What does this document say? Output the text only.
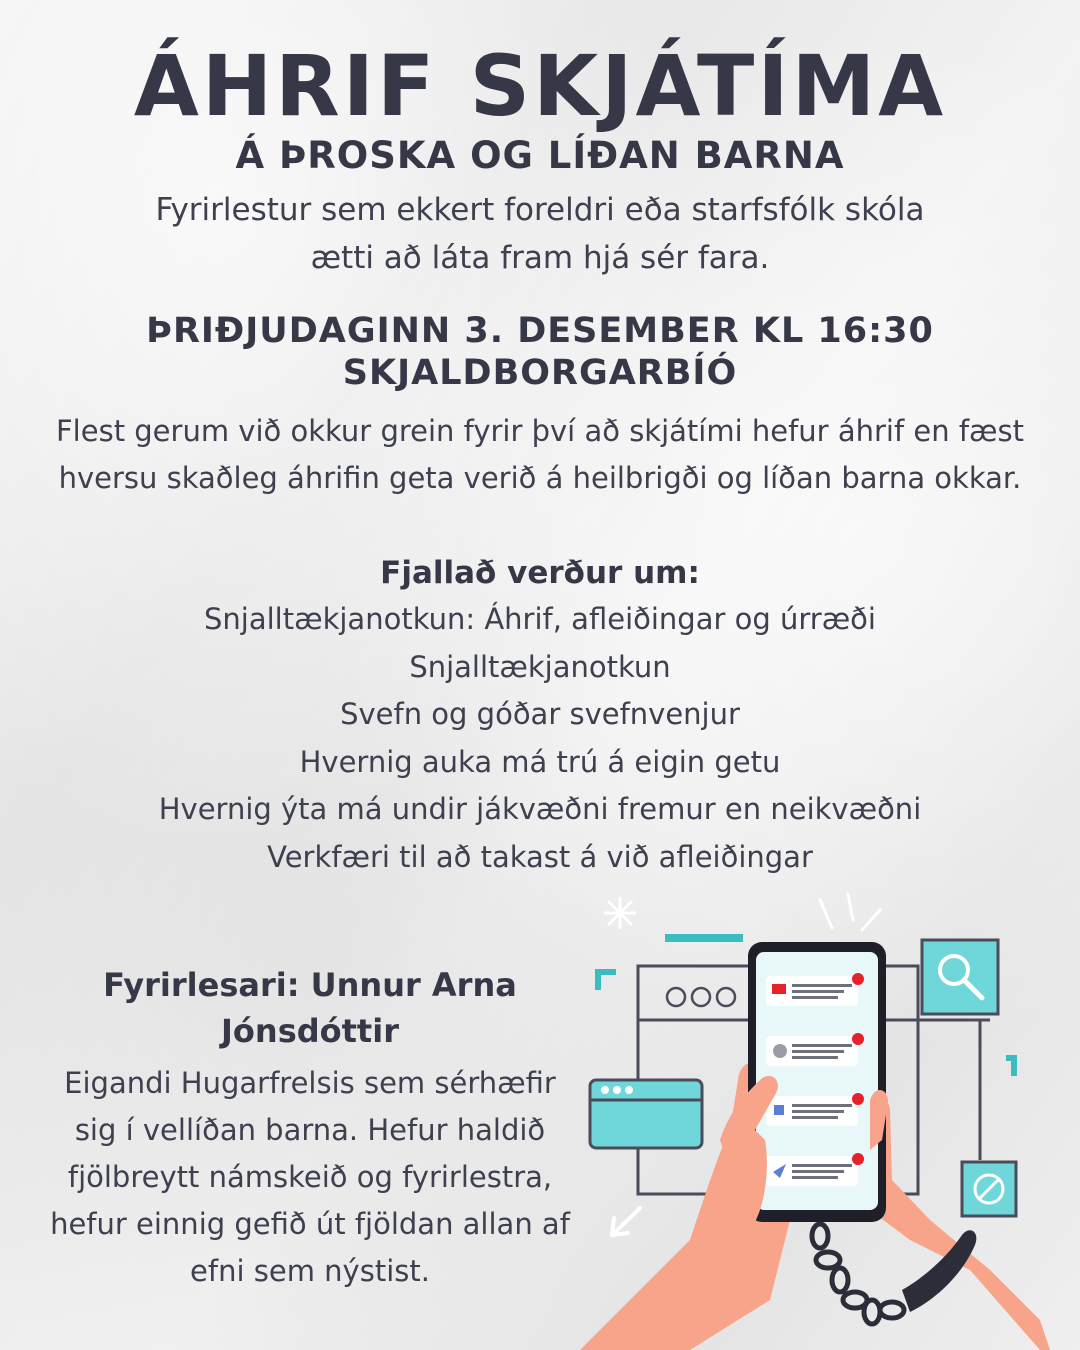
ÁHRIF SKJÁTÍMA
Á ÞROSKA OG LÍÐAN BARNA

Fyrirlestur sem ekkert foreldri eða starfsfólk skóla
ætti að láta fram hjá sér fara.

ÞRIÐJUDAGINN 3. DESEMBER KL 16:30
SKJALDBORGARBÍÓ

Flest gerum við okkur grein fyrir því að skjátími hefur áhrif en fæst
hversu skaðleg áhrifin geta verið á heilbrigði og líðan barna okkar.

Fjallað verður um:

Snjalltækjanotkun: Áhrif, afleiðingar og úrræði
Snjalltækjanotkun
Svefn og góðar svefnvenjur
Hvernig auka má trú á eigin getu
Hvernig ýta má undir jákvæðni fremur en neikvæðni
Verkfæri til að takast á við afleiðingar

Fyrirlesari: Unnur Arna
Jónsdóttir

Eigandi Hugarfrelsis sem sérhæfir
sig í vellíðan barna. Hefur haldið
fjölbreytt námskeið og fyrirlestra,
hefur einnig gefið út fjöldan allan af
efni sem nýstist.
